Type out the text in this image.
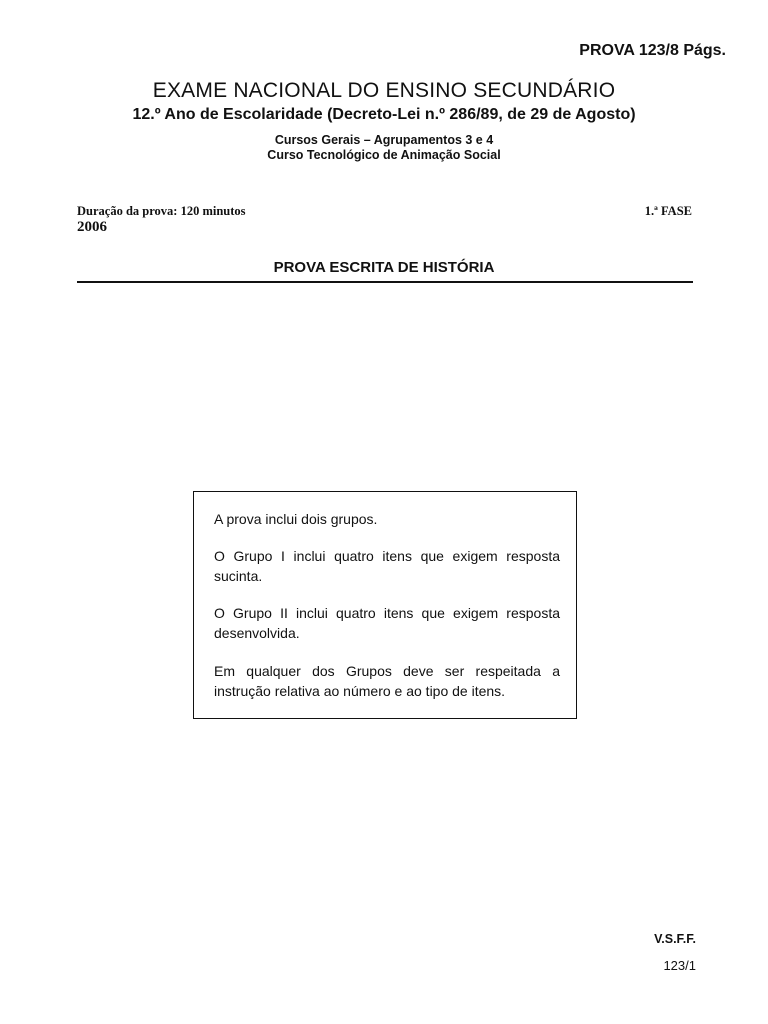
PROVA 123/8 Págs.
EXAME NACIONAL DO ENSINO SECUNDÁRIO
12.º Ano de Escolaridade (Decreto-Lei n.º 286/89, de 29 de Agosto)
Cursos Gerais – Agrupamentos 3 e 4
Curso Tecnológico de Animação Social
Duração da prova: 120 minutos
2006
1.ª FASE
PROVA ESCRITA DE HISTÓRIA
A prova inclui dois grupos.
O Grupo I inclui quatro itens que exigem resposta sucinta.
O Grupo II inclui quatro itens que exigem resposta desenvolvida.
Em qualquer dos Grupos deve ser respeitada a instrução relativa ao número e ao tipo de itens.
V.S.F.F.
123/1
